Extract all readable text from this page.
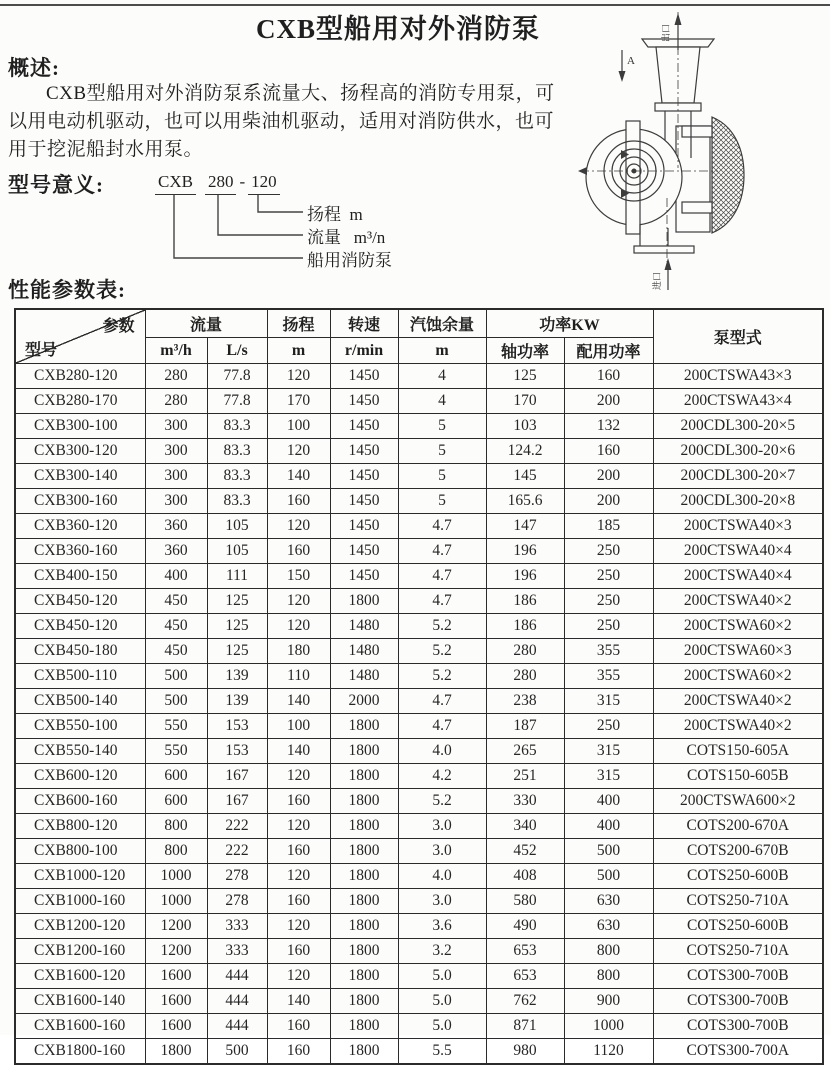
CXB型船用对外消防泵
概述:

CXB型船用对外消防泵系流量大、扬程高的消防专用泵，可以用电动机驱动，也可以用柴油机驱动，适用对消防供水，也可用于挖泥船封水用泵。

型号意义:	CXB 280 - 120
扬程  m
流量   m³/n
船用消防泵
性能参数表:
A
出口
进口
参数
型号	流量		扬程	转速	汽蚀余量	功率KW		泵型式
	m³/h	L/s	m	r/min	m	轴功率	配用功率	
CXB280-120	280	77.8	120	1450	4	125	160	200CTSWA43×3
CXB280-170	280	77.8	170	1450	4	170	200	200CTSWA43×4
CXB300-100	300	83.3	100	1450	5	103	132	200CDL300-20×5
CXB300-120	300	83.3	120	1450	5	124.2	160	200CDL300-20×6
CXB300-140	300	83.3	140	1450	5	145	200	200CDL300-20×7
CXB300-160	300	83.3	160	1450	5	165.6	200	200CDL300-20×8
CXB360-120	360	105	120	1450	4.7	147	185	200CTSWA40×3
CXB360-160	360	105	160	1450	4.7	196	250	200CTSWA40×4
CXB400-150	400	111	150	1450	4.7	196	250	200CTSWA40×4
CXB450-120	450	125	120	1800	4.7	186	250	200CTSWA40×2
CXB450-120	450	125	120	1480	5.2	186	250	200CTSWA60×2
CXB450-180	450	125	180	1480	5.2	280	355	200CTSWA60×3
CXB500-110	500	139	110	1480	5.2	280	355	200CTSWA60×2
CXB500-140	500	139	140	2000	4.7	238	315	200CTSWA40×2
CXB550-100	550	153	100	1800	4.7	187	250	200CTSWA40×2
CXB550-140	550	153	140	1800	4.0	265	315	COTS150-605A
CXB600-120	600	167	120	1800	4.2	251	315	COTS150-605B
CXB600-160	600	167	160	1800	5.2	330	400	200CTSWA600×2
CXB800-120	800	222	120	1800	3.0	340	400	COTS200-670A
CXB800-100	800	222	160	1800	3.0	452	500	COTS200-670B
CXB1000-120	1000	278	120	1800	4.0	408	500	COTS250-600B
CXB1000-160	1000	278	160	1800	3.0	580	630	COTS250-710A
CXB1200-120	1200	333	120	1800	3.6	490	630	COTS250-600B
CXB1200-160	1200	333	160	1800	3.2	653	800	COTS250-710A
CXB1600-120	1600	444	120	1800	5.0	653	800	COTS300-700B
CXB1600-140	1600	444	140	1800	5.0	762	900	COTS300-700B
CXB1600-160	1600	444	160	1800	5.0	871	1000	COTS300-700B
CXB1800-160	1800	500	160	1800	5.5	980	1120	COTS300-700A
